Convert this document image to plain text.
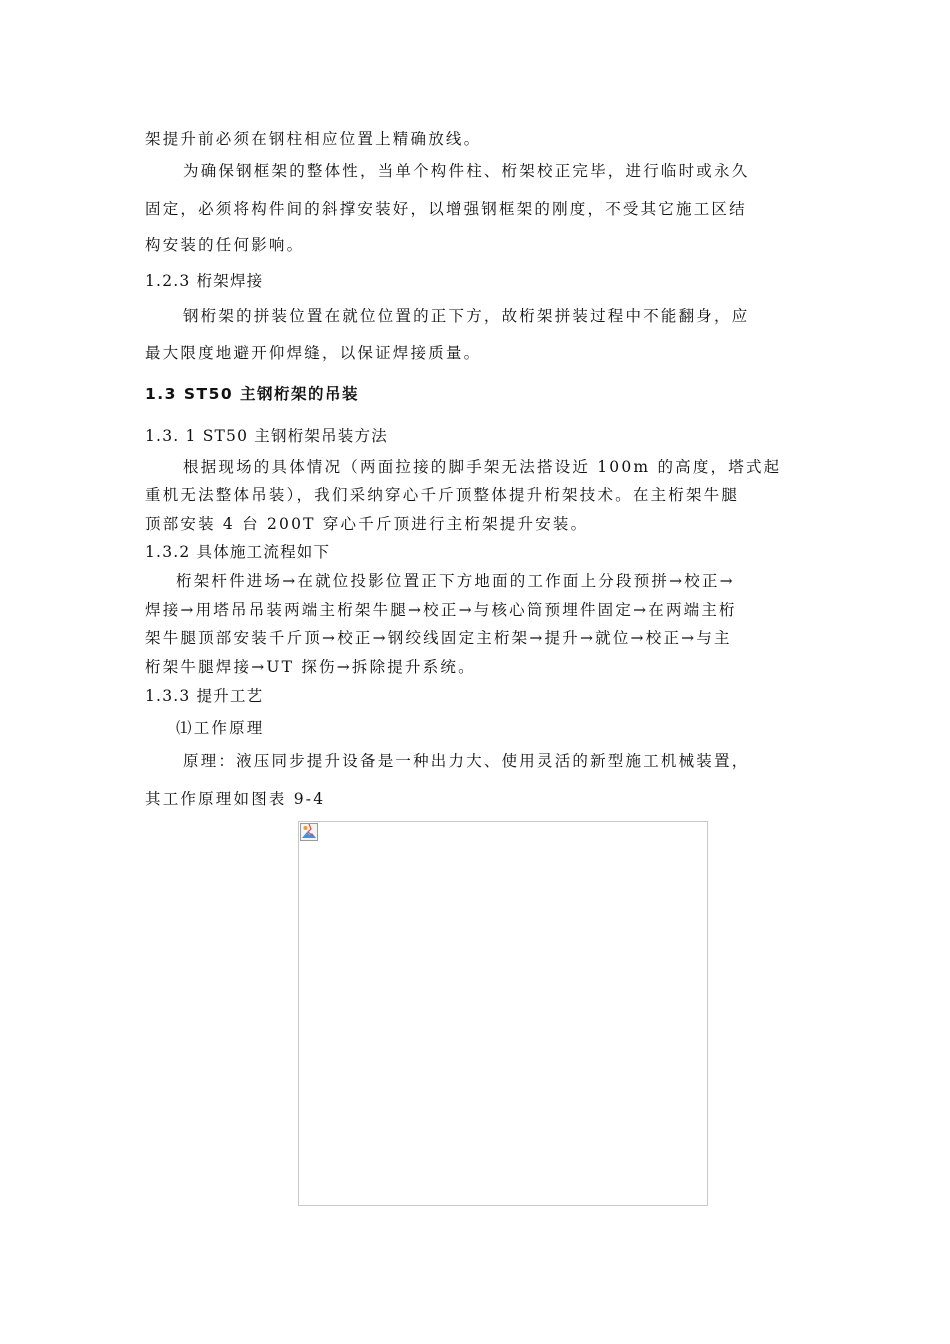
架提升前必须在钢柱相应位置上精确放线。
为确保钢框架的整体性，当单个构件柱、桁架校正完毕，进行临时或永久
固定，必须将构件间的斜撑安装好，以增强钢框架的刚度，不受其它施工区结
构安装的任何影响。
1.2.3 桁架焊接
钢桁架的拼装位置在就位位置的正下方，故桁架拼装过程中不能翻身，应
最大限度地避开仰焊缝，以保证焊接质量。
1.3 ST50 主钢桁架的吊装
1.3. 1 ST50 主钢桁架吊装方法
根据现场的具体情况（两面拉接的脚手架无法搭设近 100m 的高度，塔式起
重机无法整体吊装），我们采纳穿心千斤顶整体提升桁架技术。在主桁架牛腿
顶部安装 4 台 200T 穿心千斤顶进行主桁架提升安装。
1.3.2 具体施工流程如下
桁架杆件进场→在就位投影位置正下方地面的工作面上分段预拼→校正→
焊接→用塔吊吊装两端主桁架牛腿→校正→与核心筒预埋件固定→在两端主桁
架牛腿顶部安装千斤顶→校正→钢绞线固定主桁架→提升→就位→校正→与主
桁架牛腿焊接→UT 探伤→拆除提升系统。
1.3.3 提升工艺
⑴工作原理
原理：液压同步提升设备是一种出力大、使用灵活的新型施工机械装置，
其工作原理如图表 9-4
